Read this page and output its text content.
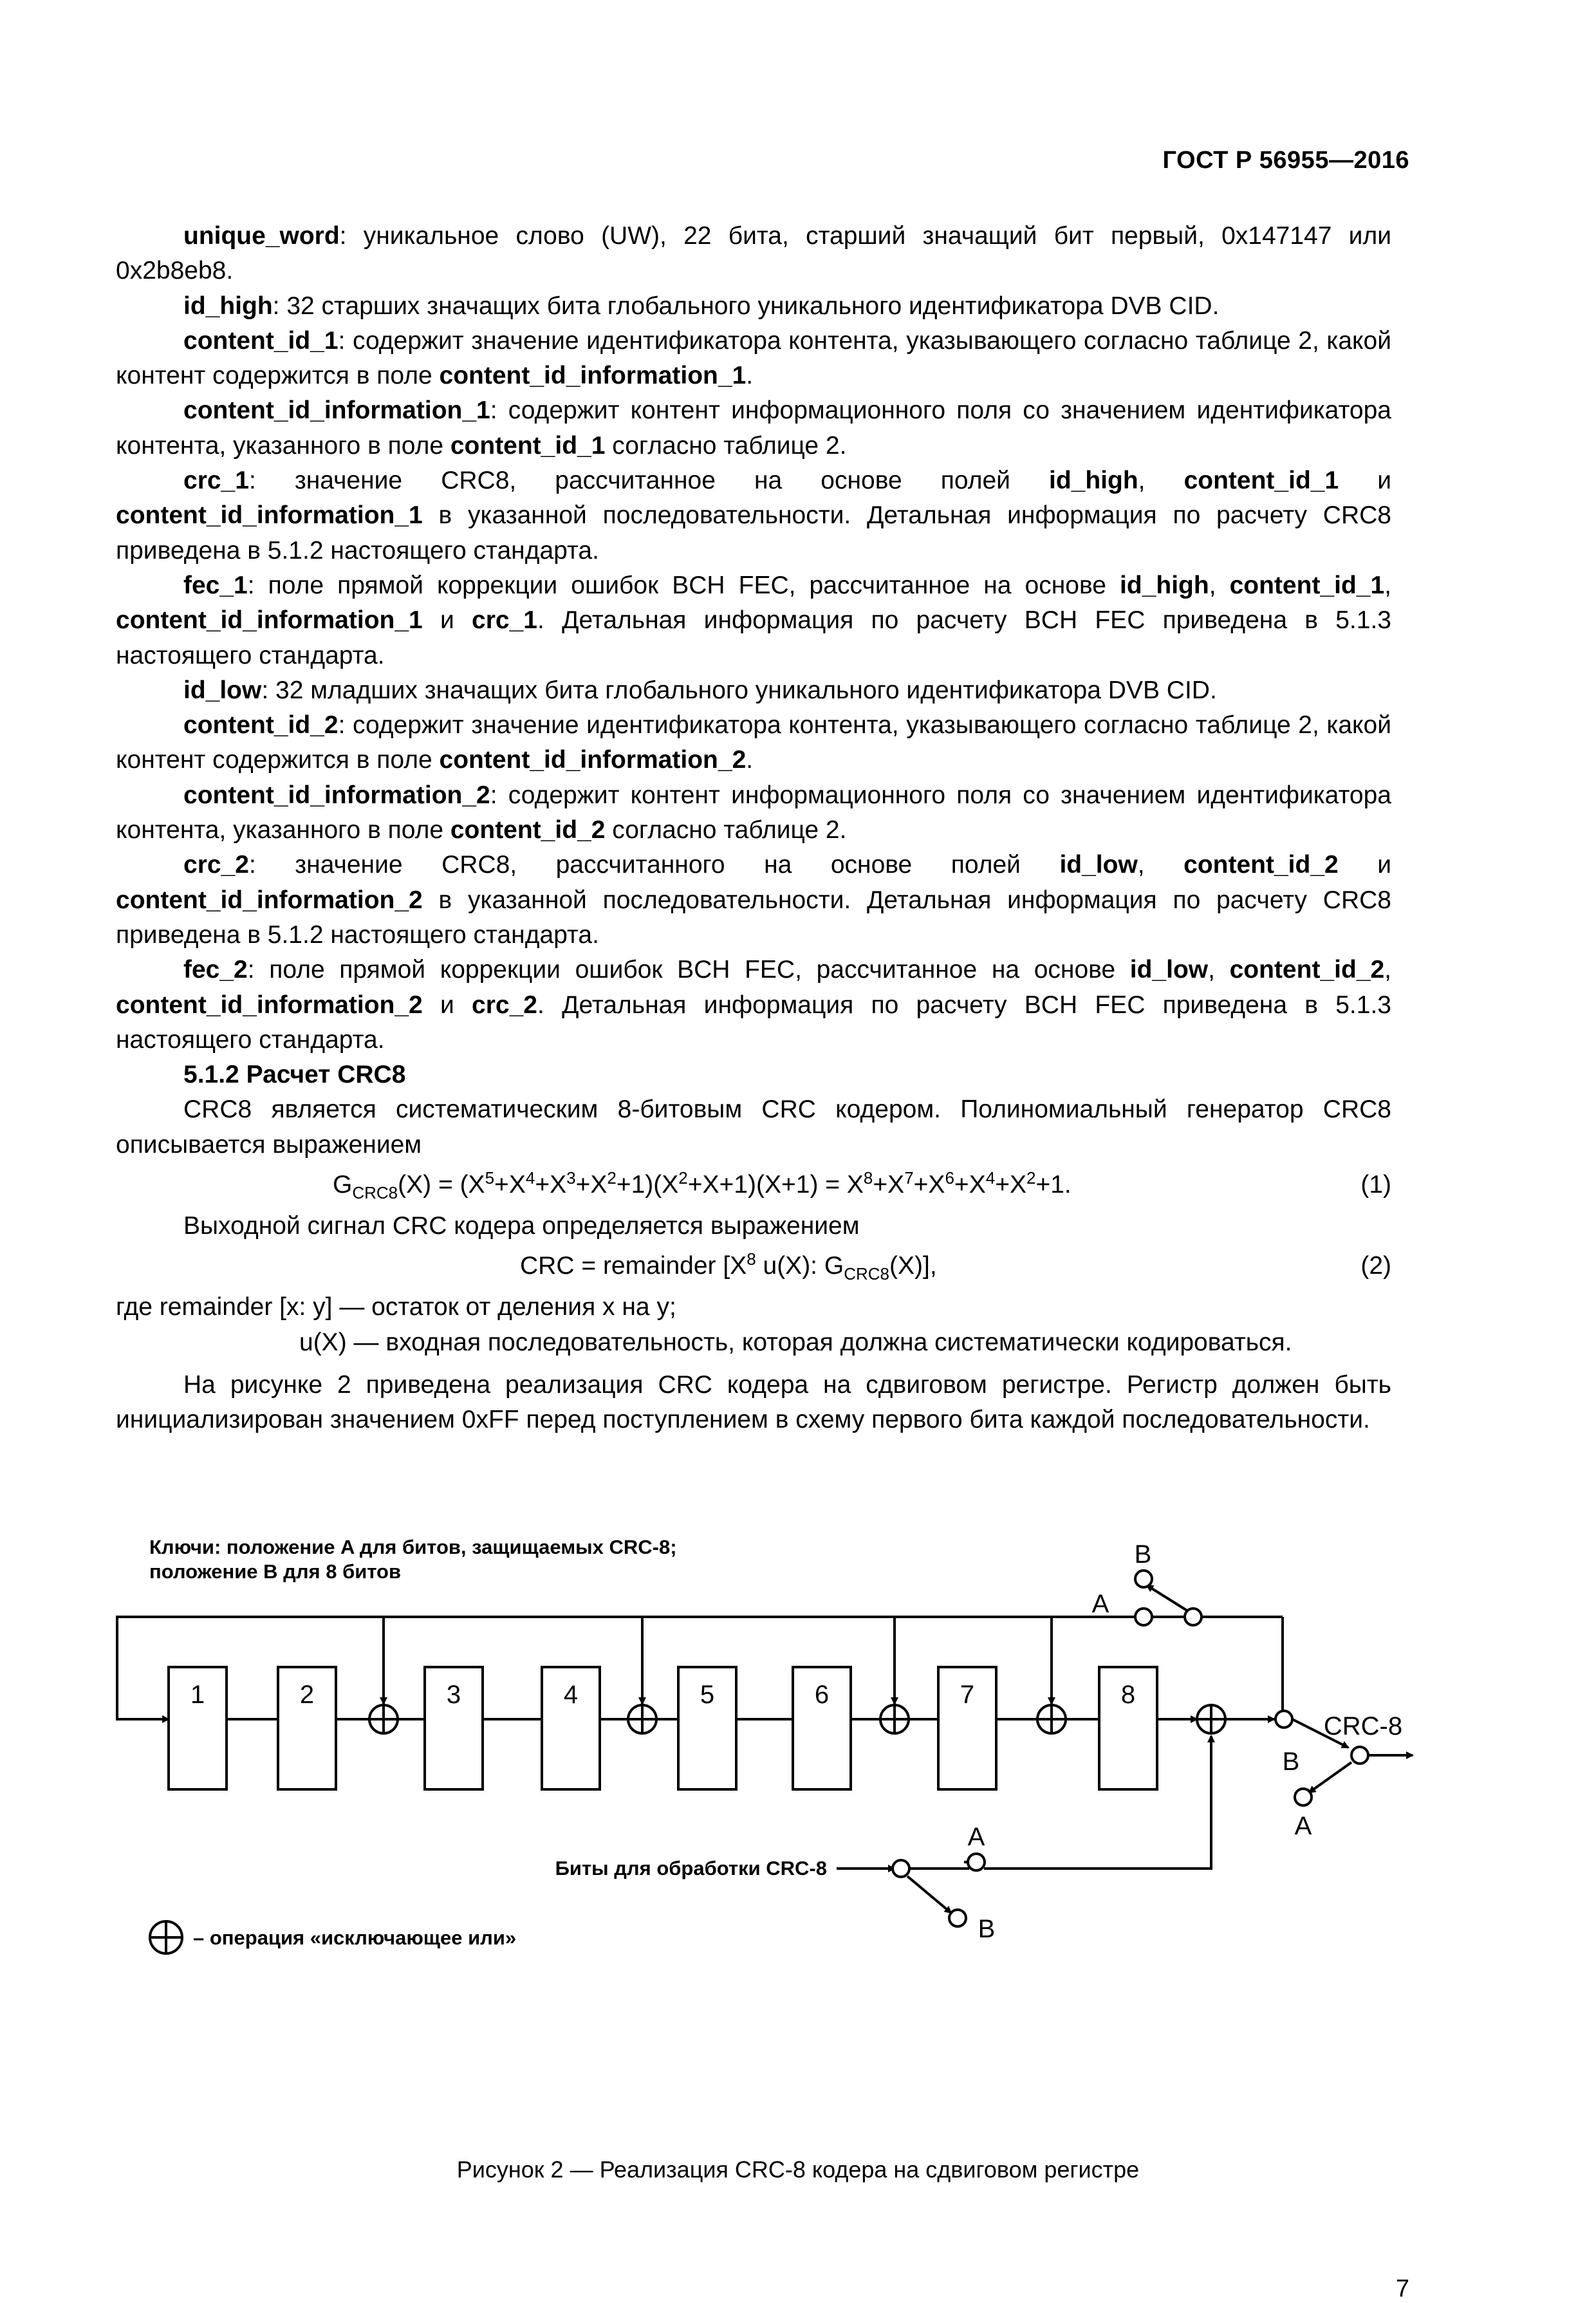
ГОСТ Р 56955—2016

unique_word: уникальное слово (UW), 22 бита, старший значащий бит первый, 0x147147 или 0x2b8eb8.

id_high: 32 старших значащих бита глобального уникального идентификатора DVB CID.

content_id_1: содержит значение идентификатора контента, указывающего согласно таблице 2, какой контент содержится в поле content_id_information_1.

content_id_information_1: содержит контент информационного поля со значением идентификатора контента, указанного в поле content_id_1 согласно таблице 2.

crc_1: значение CRC8, рассчитанное на основе полей id_high, content_id_1 и content_id_information_1 в указанной последовательности. Детальная информация по расчету CRC8 приведена в 5.1.2 настоящего стандарта.

fec_1: поле прямой коррекции ошибок BCH FEC, рассчитанное на основе id_high, content_id_1, content_id_information_1 и crc_1. Детальная информация по расчету BCH FEC приведена в 5.1.3 настоящего стандарта.

id_low: 32 младших значащих бита глобального уникального идентификатора DVB CID.

content_id_2: содержит значение идентификатора контента, указывающего согласно таблице 2, какой контент содержится в поле content_id_information_2.

content_id_information_2: содержит контент информационного поля со значением идентификатора контента, указанного в поле content_id_2 согласно таблице 2.

crc_2: значение CRC8, рассчитанного на основе полей id_low, content_id_2 и content_id_information_2 в указанной последовательности. Детальная информация по расчету CRC8 приведена в 5.1.2 настоящего стандарта.

fec_2: поле прямой коррекции ошибок BCH FEC, рассчитанное на основе id_low, content_id_2, content_id_information_2 и crc_2. Детальная информация по расчету BCH FEC приведена в 5.1.3 настоящего стандарта.

5.1.2 Расчет CRC8

CRC8 является систематическим 8-битовым CRC кодером. Полиномиальный генератор CRC8 описывается выражением

$G_{CRC8}(X) = (X^5+X^4+X^3+X^2+1)(X^2+X+1)(X+1) = X^8+X^7+X^6+X^4+X^2+1$.	(1)

Выходной сигнал CRC кодера определяется выражением

CRC = remainder [$X^8$ u(X): $G_{CRC8}(X)$],	(2)

где remainder [x: y] — остаток от деления x на y;

u(X) — входная последовательность, которая должна систематически кодироваться.

На рисунке 2 приведена реализация CRC кодера на сдвиговом регистре. Регистр должен быть инициализирован значением 0xFF перед поступлением в схему первого бита каждой последовательности.

Ключи: положение A для битов, защищаемых CRC-8;
положение B для 8 битов
1	2	3	4	5	6	7	8
B
A
B
A
CRC-8
A
B
Биты для обработки CRC-8
– операция «исключающее или»
Рисунок 2 — Реализация CRC-8 кодера на сдвиговом регистре
7
